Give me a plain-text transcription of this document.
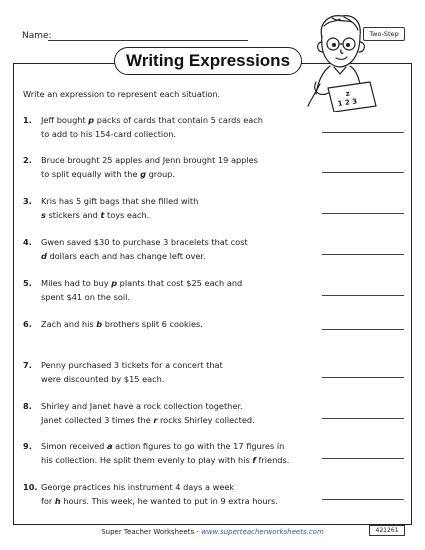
Name:
Writing Expressions
z
1 2 3
Two-Step
Write an expression to represent each situation.
1. Jeff bought p packs of cards that contain 5 cards each
to add to his 154-card collection.
2. Bruce brought 25 apples and Jenn brought 19 apples
to split equally with the g group.
3. Kris has 5 gift bags that she filled with
s stickers and t toys each.
4. Gwen saved $30 to purchase 3 bracelets that cost
d dollars each and has change left over.
5. Miles had to buy p plants that cost $25 each and
spent $41 on the soil.
6. Zach and his b brothers split 6 cookies.
7. Penny purchased 3 tickets for a concert that
were discounted by $15 each.
8. Shirley and Janet have a rock collection together.
Janet collected 3 times the r rocks Shirley collected.
9. Simon received a action figures to go with the 17 figures in
his collection. He split them evenly to play with his f friends.
10. George practices his instrument 4 days a week
for h hours. This week, he wanted to put in 9 extra hours.
Super Teacher Worksheets - www.superteacherworksheets.com	421261
